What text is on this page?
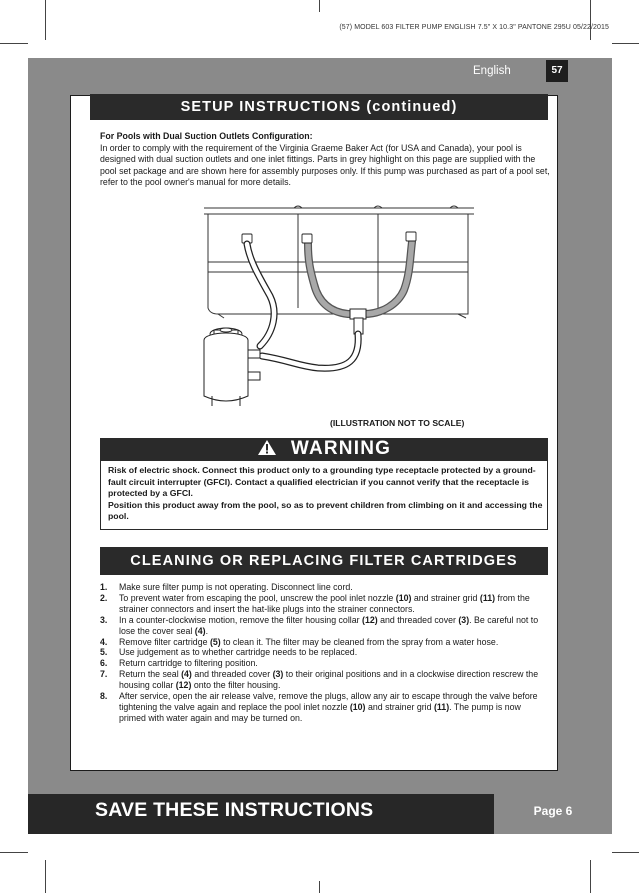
(57) MODEL 603 FILTER PUMP ENGLISH 7.5" X 10.3" PANTONE 295U 05/22/2015
English	57
SETUP INSTRUCTIONS (continued)
For Pools with Dual Suction Outlets Configuration:
In order to comply with the requirement of the Virginia Graeme Baker Act (for USA and Canada), your pool is designed with dual suction outlets and one inlet fittings. Parts in grey highlight on this page are supplied with the pool set package and are shown here for assembly purposes only. If this pump was purchased as part of a pool set, refer to the pool owner's manual for more details.
(ILLUSTRATION NOT TO SCALE)
WARNING
Risk of electric shock. Connect this product only to a grounding type receptacle protected by a ground-fault circuit interrupter (GFCI). Contact a qualified electrician if you cannot verify that the receptacle is protected by a GFCI.
Position this product away from the pool, so as to prevent children from climbing on it and accessing the pool.
CLEANING OR REPLACING FILTER CARTRIDGES
1. Make sure filter pump is not operating. Disconnect line cord.
2. To prevent water from escaping the pool, unscrew the pool inlet nozzle (10) and strainer grid (11) from the strainer connectors and insert the hat-like plugs into the strainer connectors.
3. In a counter-clockwise motion, remove the filter housing collar (12) and threaded cover (3). Be careful not to lose the cover seal (4).
4. Remove filter cartridge (5) to clean it. The filter may be cleaned from the spray from a water hose.
5. Use judgement as to whether cartridge needs to be replaced.
6. Return cartridge to filtering position.
7. Return the seal (4) and threaded cover (3) to their original positions and in a clockwise direction rescrew the housing collar (12) onto the filter housing.
8. After service, open the air release valve, remove the plugs, allow any air to escape through the valve before tightening the valve again and replace the pool inlet nozzle (10) and strainer grid (11). The pump is now primed with water again and may be turned on.
SAVE THESE INSTRUCTIONS	Page 6
